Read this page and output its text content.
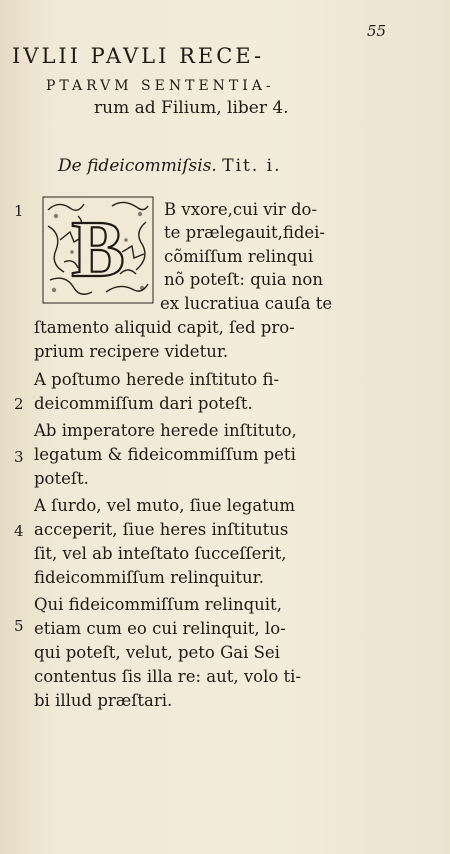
55
IVLII PAVLI RECE-
PTARVM SENTENTIA-
rum ad Filium, liber 4.
De fideicommiſsis. Tit. i.
B
1
2
3
4
5
B vxore,cui vir do-
te prælegauit,fidei-
cõmiſſum relinqui
nõ poteſt: quia non
ex lucratiua cauſa te
ſtamento aliquid capit, ſed pro-
prium recipere videtur.
A poſtumo herede inſtituto fi-
deicommiſſum dari poteſt.
Ab imperatore herede inſtituto,
legatum & fideicommiſſum peti
poteſt.
A ſurdo, vel muto, ſiue legatum
acceperit, ſiue heres inſtitutus
ſit, vel ab inteſtato ſucceſſerit,
fideicommiſſum relinquitur.
Qui fideicommiſſum relinquit,
etiam cum eo cui relinquit, lo-
qui poteſt, velut, peto Gai Sei
contentus ſis illa re: aut, volo ti-
bi illud præſtari.
